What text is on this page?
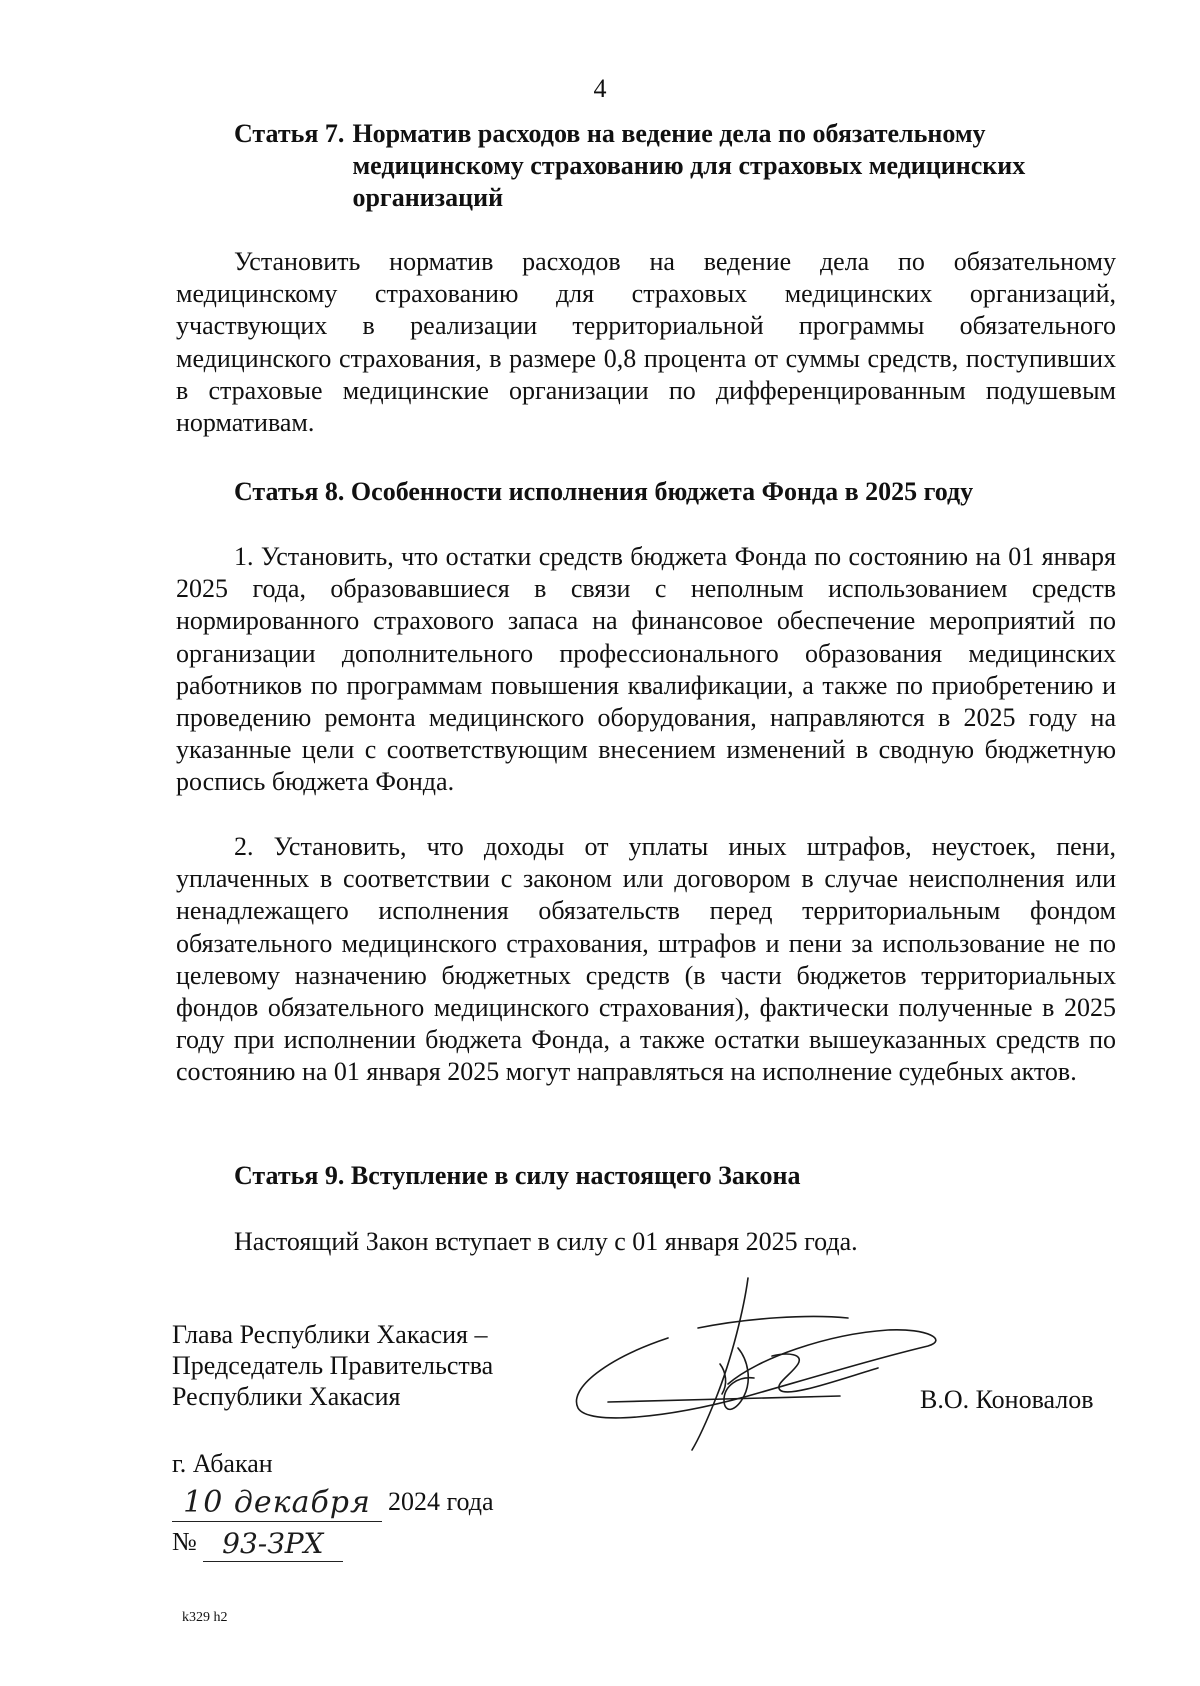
4
Статья 7. Норматив расходов на ведение дела по обязательному медицинскому страхованию для страховых медицинских организаций

Установить норматив расходов на ведение дела по обязательному медицинскому страхованию для страховых медицинских организаций, участвующих в реализации территориальной программы обязательного медицинского страхования, в размере 0,8 процента от суммы средств, поступивших в страховые медицинские организации по дифференцированным подушевым нормативам.

Статья 8. Особенности исполнения бюджета Фонда в 2025 году

1. Установить, что остатки средств бюджета Фонда по состоянию на 01 января 2025 года, образовавшиеся в связи с неполным использованием средств нормированного страхового запаса на финансовое обеспечение мероприятий по организации дополнительного профессионального образования медицинских работников по программам повышения квалификации, а также по приобретению и проведению ремонта медицинского оборудования, направляются в 2025 году на указанные цели с соответствующим внесением изменений в сводную бюджетную роспись бюджета Фонда.

2. Установить, что доходы от уплаты иных штрафов, неустоек, пени, уплаченных в соответствии с законом или договором в случае неисполнения или ненадлежащего исполнения обязательств перед территориальным фондом обязательного медицинского страхования, штрафов и пени за использование не по целевому назначению бюджетных средств (в части бюджетов территориальных фондов обязательного медицинского страхования), фактически полученные в 2025 году при исполнении бюджета Фонда, а также остатки вышеуказанных средств по состоянию на 01 января 2025 могут направляться на исполнение судебных актов.

Статья 9. Вступление в силу настоящего Закона
Настоящий Закон вступает в силу с 01 января 2025 года.
Глава Республики Хакасия –
Председатель Правительства
Республики Хакасия	В.О. Коновалов
г. Абакан
10 декабря 2024 года
№ 93-ЗРХ
k329 h2
